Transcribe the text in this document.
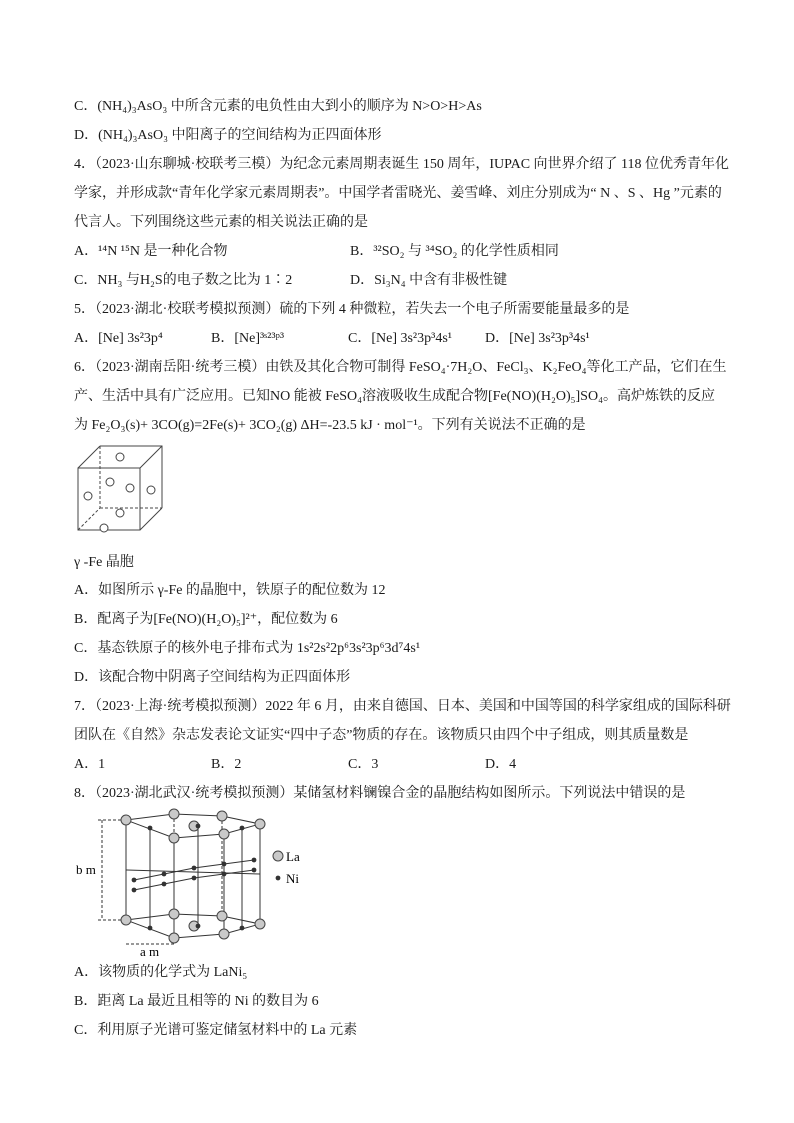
C．(NH₄)₃AsO₃ 中所含元素的电负性由大到小的顺序为 N>O>H>As
D．(NH₄)₃AsO₃ 中阳离子的空间结构为正四面体形
4．（2023·山东聊城·校联考三模）为纪念元素周期表诞生 150 周年，IUPAC 向世界介绍了 118 位优秀青年化
学家，并形成款“青年化学家元素周期表”。中国学者雷晓光、姜雪峰、刘庄分别成为“ N 、S 、Hg ”元素的
代言人。下列围绕这些元素的相关说法正确的是
A．¹⁴N ¹⁵N 是一种化合物	B．³²SO₂ 与 ³⁴SO₂ 的化学性质相同
C．NH₃ 与H₂S的电子数之比为 1∶2	D．Si₃N₄ 中含有非极性键
5．（2023·湖北·校联考模拟预测）硫的下列 4 种微粒，若失去一个电子所需要能量最多的是
A．[Ne] 3s²3p⁴	B．[Ne]³ˢ²³ᵖ³	C．[Ne] 3s²3p³4s¹	D．[Ne] 3s²3p³4s¹
6．（2023·湖南岳阳·统考三模）由铁及其化合物可制得 FeSO₄·7H₂O、FeCl₃、K₂FeO₄等化工产品，它们在生
产、生活中具有广泛应用。已知NO 能被 FeSO₄溶液吸收生成配合物[Fe(NO)(H₂O)₅]SO₄。高炉炼铁的反应
为 Fe₂O₃(s)+ 3CO(g)=2Fe(s)+ 3CO₂(g) ΔH=-23.5 kJ · mol⁻¹。下列有关说法不正确的是
γ -Fe 晶胞
A．如图所示 γ-Fe 的晶胞中，铁原子的配位数为 12
B．配离子为[Fe(NO)(H₂O)₅]²⁺，配位数为 6
C．基态铁原子的核外电子排布式为 1s²2s²2p⁶3s²3p⁶3d⁷4s¹
D．该配合物中阴离子空间结构为正四面体形
7．（2023·上海·统考模拟预测）2022 年 6 月，由来自德国、日本、美国和中国等国的科学家组成的国际科研
团队在《自然》杂志发表论文证实“四中子态”物质的存在。该物质只由四个中子组成，则其质量数是
A．1	B．2	C．3	D．4
8．（2023·湖北武汉·统考模拟预测）某储氢材料镧镍合金的晶胞结构如图所示。下列说法中错误的是
b m
a m
La
Ni
A．该物质的化学式为 LaNi₅
B．距离 La 最近且相等的 Ni 的数目为 6
C．利用原子光谱可鉴定储氢材料中的 La 元素
